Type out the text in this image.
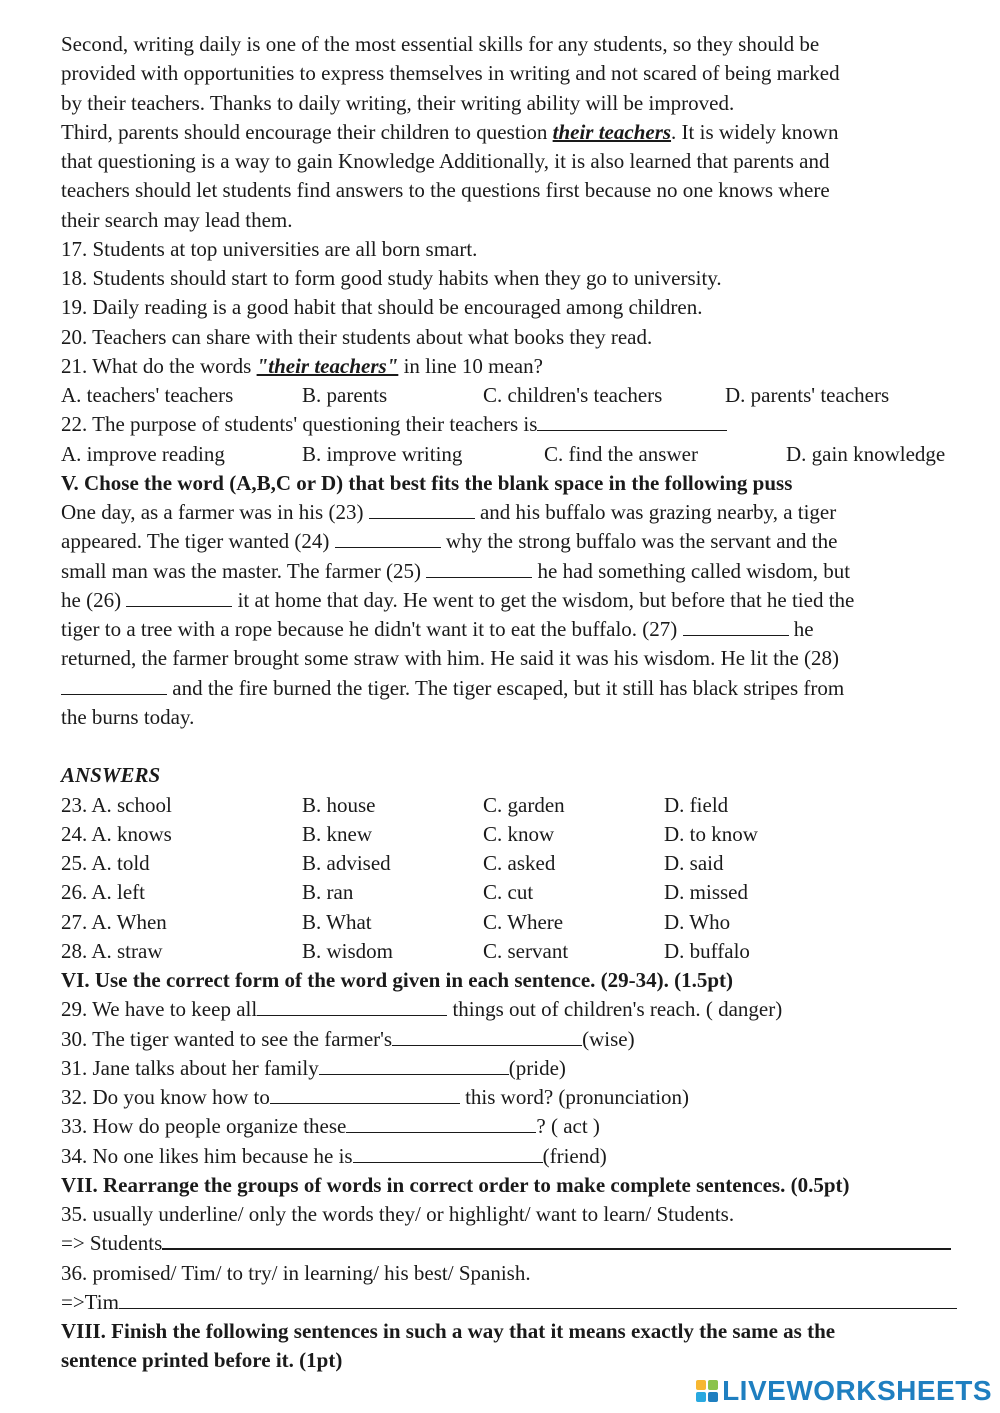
Second, writing daily is one of the most essential skills for any students, so they should be
provided with opportunities to express themselves in writing and not scared of being marked
by their teachers. Thanks to daily writing, their writing ability will be improved.
Third, parents should encourage their children to question their teachers. It is widely known
that questioning is a way to gain Knowledge Additionally, it is also learned that parents and
teachers should let students find answers to the questions first because no one knows where
their search may lead them.
17. Students at top universities are all born smart.
18. Students should start to form good study habits when they go to university.
19. Daily reading is a good habit that should be encouraged among children.
20. Teachers can share with their students about what books they read.
21. What do the words "their teachers" in line 10 mean?
A. teachers' teachers	B. parents	C. children's teachers	D. parents' teachers
22. The purpose of students' questioning their teachers is
A. improve reading	B. improve writing	C. find the answer	D. gain knowledge
V. Chose the word (A,B,C or D) that best fits the blank space in the following puss
One day, as a farmer was in his (23)	and his buffalo was grazing nearby, a tiger
appeared. The tiger wanted (24)	why the strong buffalo was the servant and the
small man was the master. The farmer (25)	he had something called wisdom, but
he (26)	it at home that day. He went to get the wisdom, but before that he tied the
tiger to a tree with a rope because he didn't want it to eat the buffalo. (27)	he
returned, the farmer brought some straw with him. He said it was his wisdom. He lit the (28)
and the fire burned the tiger. The tiger escaped, but it still has black stripes from
the burns today.
ANSWERS
23. A. school	B. house	C. garden	D. field
24. A. knows	B. knew	C. know	D. to know
25. A. told	B. advised	C. asked	D. said
26. A. left	B. ran	C. cut	D. missed
27. A. When	B. What	C. Where	D. Who
28. A. straw	B. wisdom	C. servant	D. buffalo
VI. Use the correct form of the word given in each sentence. (29-34). (1.5pt)
29. We have to keep all	things out of children's reach. ( danger)
30. The tiger wanted to see the farmer's	(wise)
31. Jane talks about her family	(pride)
32. Do you know how to	this word? (pronunciation)
33. How do people organize these	? ( act )
34. No one likes him because he is	(friend)
VII. Rearrange the groups of words in correct order to make complete sentences. (0.5pt)
35. usually underline/ only the words they/ or highlight/ want to learn/ Students.
=> Students
36. promised/ Tim/ to try/ in learning/ his best/ Spanish.
=>Tim
VIII. Finish the following sentences in such a way that it means exactly the same as the
sentence printed before it. (1pt)
LIVEWORKSHEETS
